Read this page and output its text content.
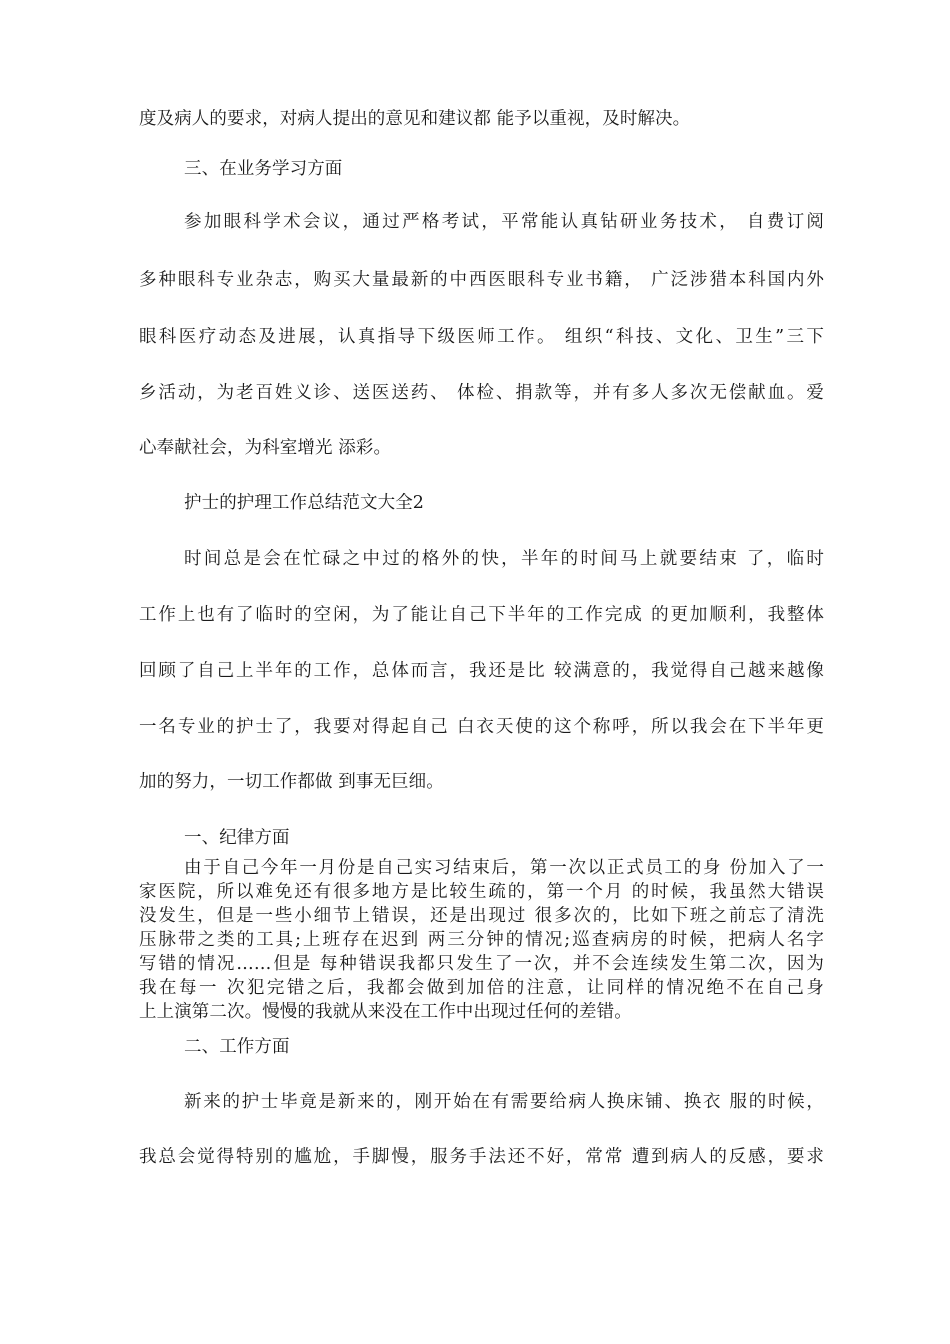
度及病人的要求，对病人提出的意见和建议都 能予以重视，及时解决。
三、在业务学习方面
参加眼科学术会议，通过严格考试，平常能认真钻研业务技术， 自费订阅
多种眼科专业杂志，购买大量最新的中西医眼科专业书籍， 广泛涉猎本科国内外
眼科医疗动态及进展，认真指导下级医师工作。 组织“科技、文化、卫生”三下
乡活动，为老百姓义诊、送医送药、 体检、捐款等，并有多人多次无偿献血。爱
心奉献社会，为科室增光 添彩。
护士的护理工作总结范文大全2
时间总是会在忙碌之中过的格外的快，半年的时间马上就要结束 了，临时
工作上也有了临时的空闲，为了能让自己下半年的工作完成 的更加顺利，我整体
回顾了自己上半年的工作，总体而言，我还是比 较满意的，我觉得自己越来越像
一名专业的护士了，我要对得起自己 白衣天使的这个称呼，所以我会在下半年更
加的努力，一切工作都做 到事无巨细。
一、纪律方面
由于自己今年一月份是自己实习结束后，第一次以正式员工的身 份加入了一
家医院，所以难免还有很多地方是比较生疏的，第一个月 的时候，我虽然大错误
没发生，但是一些小细节上错误，还是出现过 很多次的，比如下班之前忘了清洗
压脉带之类的工具;上班存在迟到 两三分钟的情况;巡查病房的时候，把病人名字
写错的情况……但是 每种错误我都只发生了一次，并不会连续发生第二次，因为
我在每一 次犯完错之后，我都会做到加倍的注意，让同样的情况绝不在自己身
上上演第二次。慢慢的我就从来没在工作中出现过任何的差错。
二、工作方面
新来的护士毕竟是新来的，刚开始在有需要给病人换床铺、换衣 服的时候，
我总会觉得特别的尴尬，手脚慢，服务手法还不好，常常 遭到病人的反感，要求
